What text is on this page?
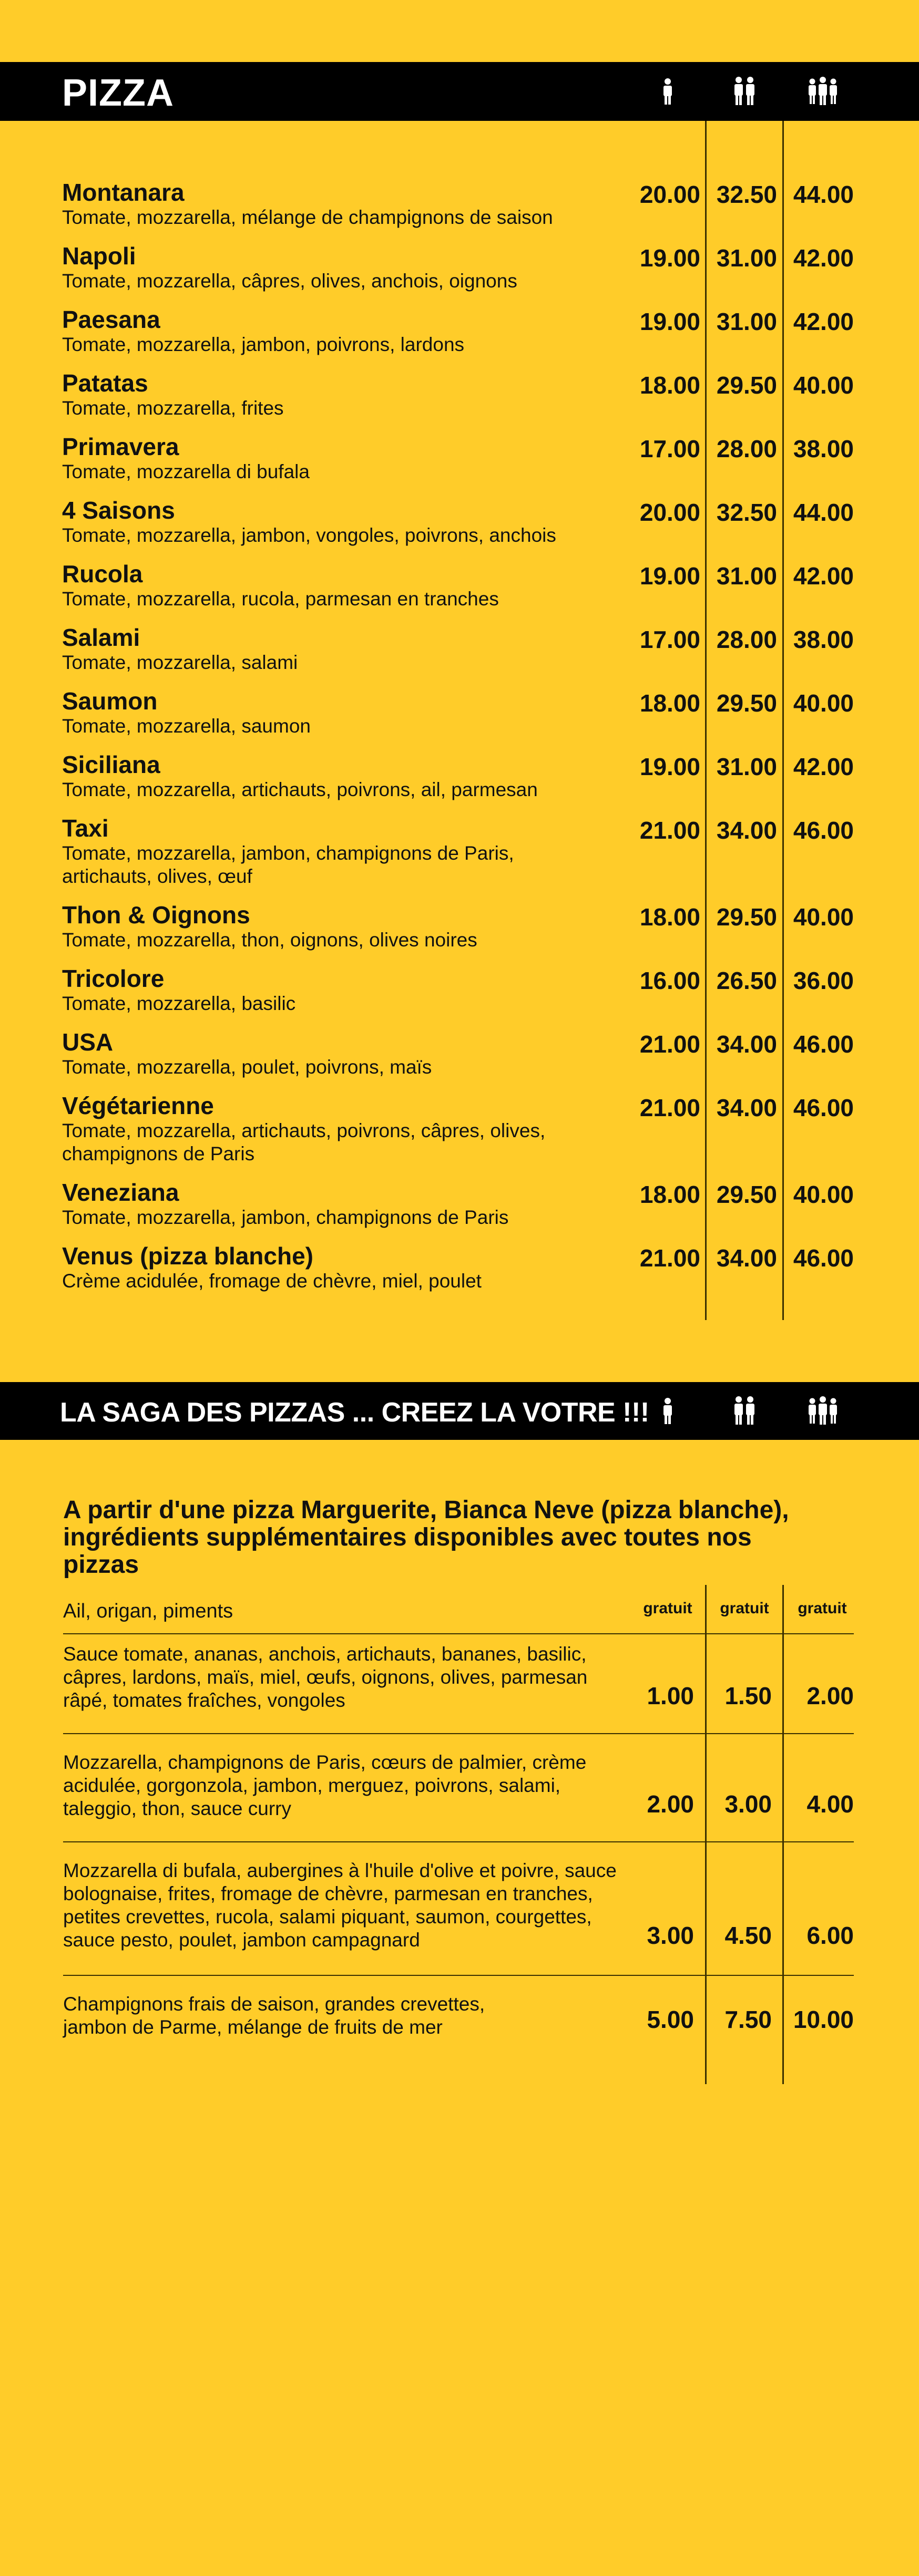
PIZZA
Montanara
Tomate, mozzarella, mélange de champignons de saison
20.00 32.50 44.00
Napoli
Tomate, mozzarella, câpres, olives, anchois, oignons
19.00 31.00 42.00
Paesana
Tomate, mozzarella, jambon, poivrons, lardons
19.00 31.00 42.00
Patatas
Tomate, mozzarella, frites
18.00 29.50 40.00
Primavera
Tomate, mozzarella di bufala
17.00 28.00 38.00
4 Saisons
Tomate, mozzarella, jambon, vongoles, poivrons, anchois
20.00 32.50 44.00
Rucola
Tomate, mozzarella, rucola, parmesan en tranches
19.00 31.00 42.00
Salami
Tomate, mozzarella, salami
17.00 28.00 38.00
Saumon
Tomate, mozzarella, saumon
18.00 29.50 40.00
Siciliana
Tomate, mozzarella, artichauts, poivrons, ail, parmesan
19.00 31.00 42.00
Taxi
Tomate, mozzarella, jambon, champignons de Paris, artichauts, olives, œuf
21.00 34.00 46.00
Thon & Oignons
Tomate, mozzarella, thon, oignons, olives noires
18.00 29.50 40.00
Tricolore
Tomate, mozzarella, basilic
16.00 26.50 36.00
USA
Tomate, mozzarella, poulet, poivrons, maïs
21.00 34.00 46.00
Végétarienne
Tomate, mozzarella, artichauts, poivrons, câpres, olives, champignons de Paris
21.00 34.00 46.00
Veneziana
Tomate, mozzarella, jambon, champignons de Paris
18.00 29.50 40.00
Venus (pizza blanche)
Crème acidulée, fromage de chèvre, miel, poulet
21.00 34.00 46.00
LA SAGA DES PIZZAS ... CREEZ LA VOTRE !!!
A partir d'une pizza Marguerite, Bianca Neve (pizza blanche), ingrédients supplémentaires disponibles avec toutes nos pizzas
Ail, origan, piments	gratuit	gratuit	gratuit
Sauce tomate, ananas, anchois, artichauts, bananes, basilic, câpres, lardons, maïs, miel, œufs, oignons, olives, parmesan râpé, tomates fraîches, vongoles	1.00	1.50	2.00
Mozzarella, champignons de Paris, cœurs de palmier, crème acidulée, gorgonzola, jambon, merguez, poivrons, salami, taleggio, thon, sauce curry	2.00	3.00	4.00
Mozzarella di bufala, aubergines à l'huile d'olive et poivre, sauce bolognaise, frites, fromage de chèvre, parmesan en tranches, petites crevettes, rucola, salami piquant, saumon, courgettes, sauce pesto, poulet, jambon campagnard	3.00	4.50	6.00
Champignons frais de saison, grandes crevettes, jambon de Parme, mélange de fruits de mer	5.00	7.50 10.00
